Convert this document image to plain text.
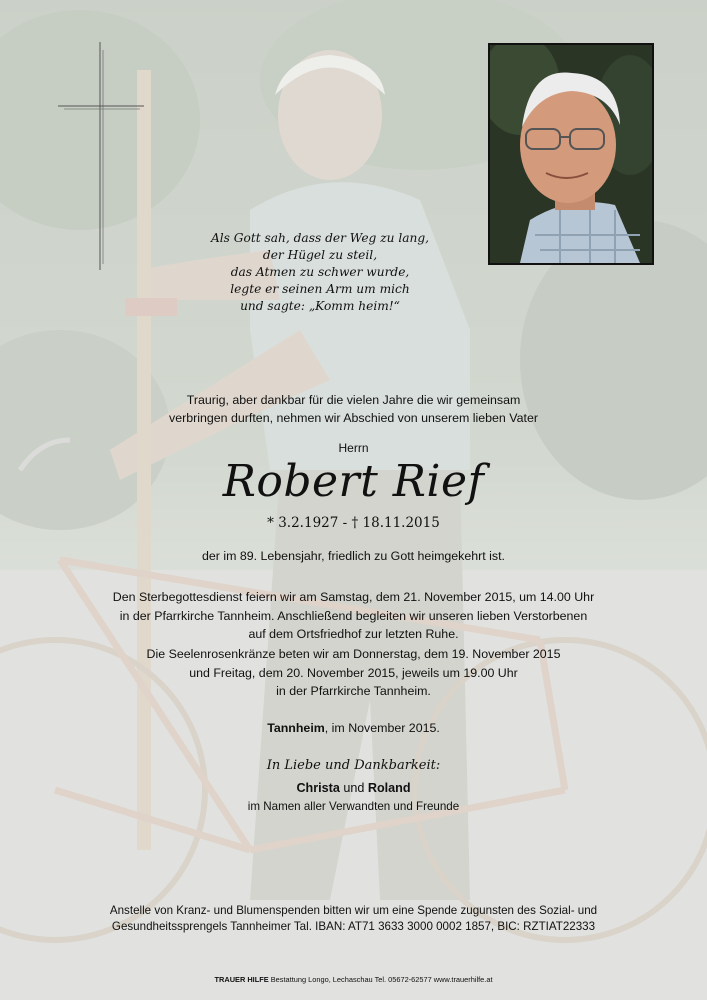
Als Gott sah, dass der Weg zu lang,
der Hügel zu steil,
das Atmen zu schwer wurde,
legte er seinen Arm um mich
und sagte: „Komm heim!“
Traurig, aber dankbar für die vielen Jahre die wir gemeinsam
verbringen durften, nehmen wir Abschied von unserem lieben Vater
Herrn
Robert Rief
* 3.2.1927 - † 18.11.2015
der im 89. Lebensjahr, friedlich zu Gott heimgekehrt ist.
Den Sterbegottesdienst feiern wir am Samstag, dem 21. November 2015, um 14.00 Uhr
in der Pfarrkirche Tannheim. Anschließend begleiten wir unseren lieben Verstorbenen
auf dem Ortsfriedhof zur letzten Ruhe.
Die Seelenrosenkränze beten wir am Donnerstag, dem 19. November 2015
und Freitag, dem 20. November 2015, jeweils um 19.00 Uhr
in der Pfarrkirche Tannheim.
Tannheim, im November 2015.
In Liebe und Dankbarkeit:
Christa und Roland
im Namen aller Verwandten und Freunde
Anstelle von Kranz- und Blumenspenden bitten wir um eine Spende zugunsten des Sozial- und
Gesundheitssprengels Tannheimer Tal. IBAN: AT71 3633 3000 0002 1857, BIC: RZTIAT22333
TRAUER HILFE Bestattung Longo, Lechaschau Tel. 05672-62577 www.trauerhilfe.at
